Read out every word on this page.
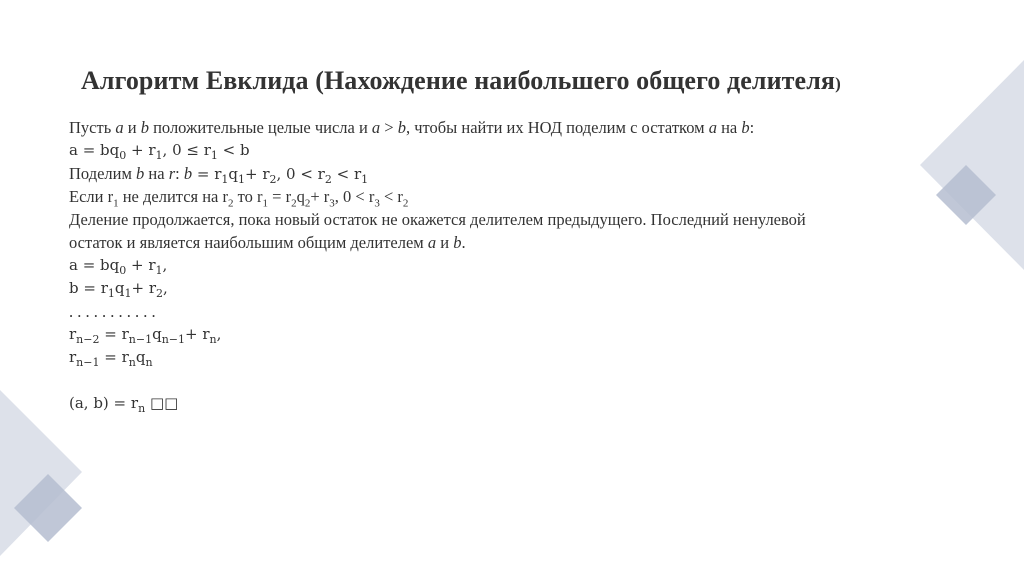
Алгоритм Евклида (Нахождение наибольшего общего делителя)
Пусть a и b положительные целые числа и a > b, чтобы найти их НОД поделим с остатком a на b:
$a = bq_0 + r_1$, $0 \le r_1 < b$
Поделим b на r: $b = r_1q_1+ r_2$, $0 < r_2 < r_1$
Если $r_1$ не делится на $r_2$ то $r_1 = r_2q_2+ r_3$, $0 < r_3 < r_2$
Деление продолжается, пока новый остаток не окажется делителем предыдущего. Последний ненулевой
остаток и является наибольшим общим делителем a и b.
$a = bq_0 + r_1$,
$b = r_1q_1+ r_2$,
. . . . . . . . . . .
$r_{n-2} = r_{n-1}q_{n-1}+ r_n$,
$r_{n-1} = r_nq_n$
(a, $b) = r_n$ □□
